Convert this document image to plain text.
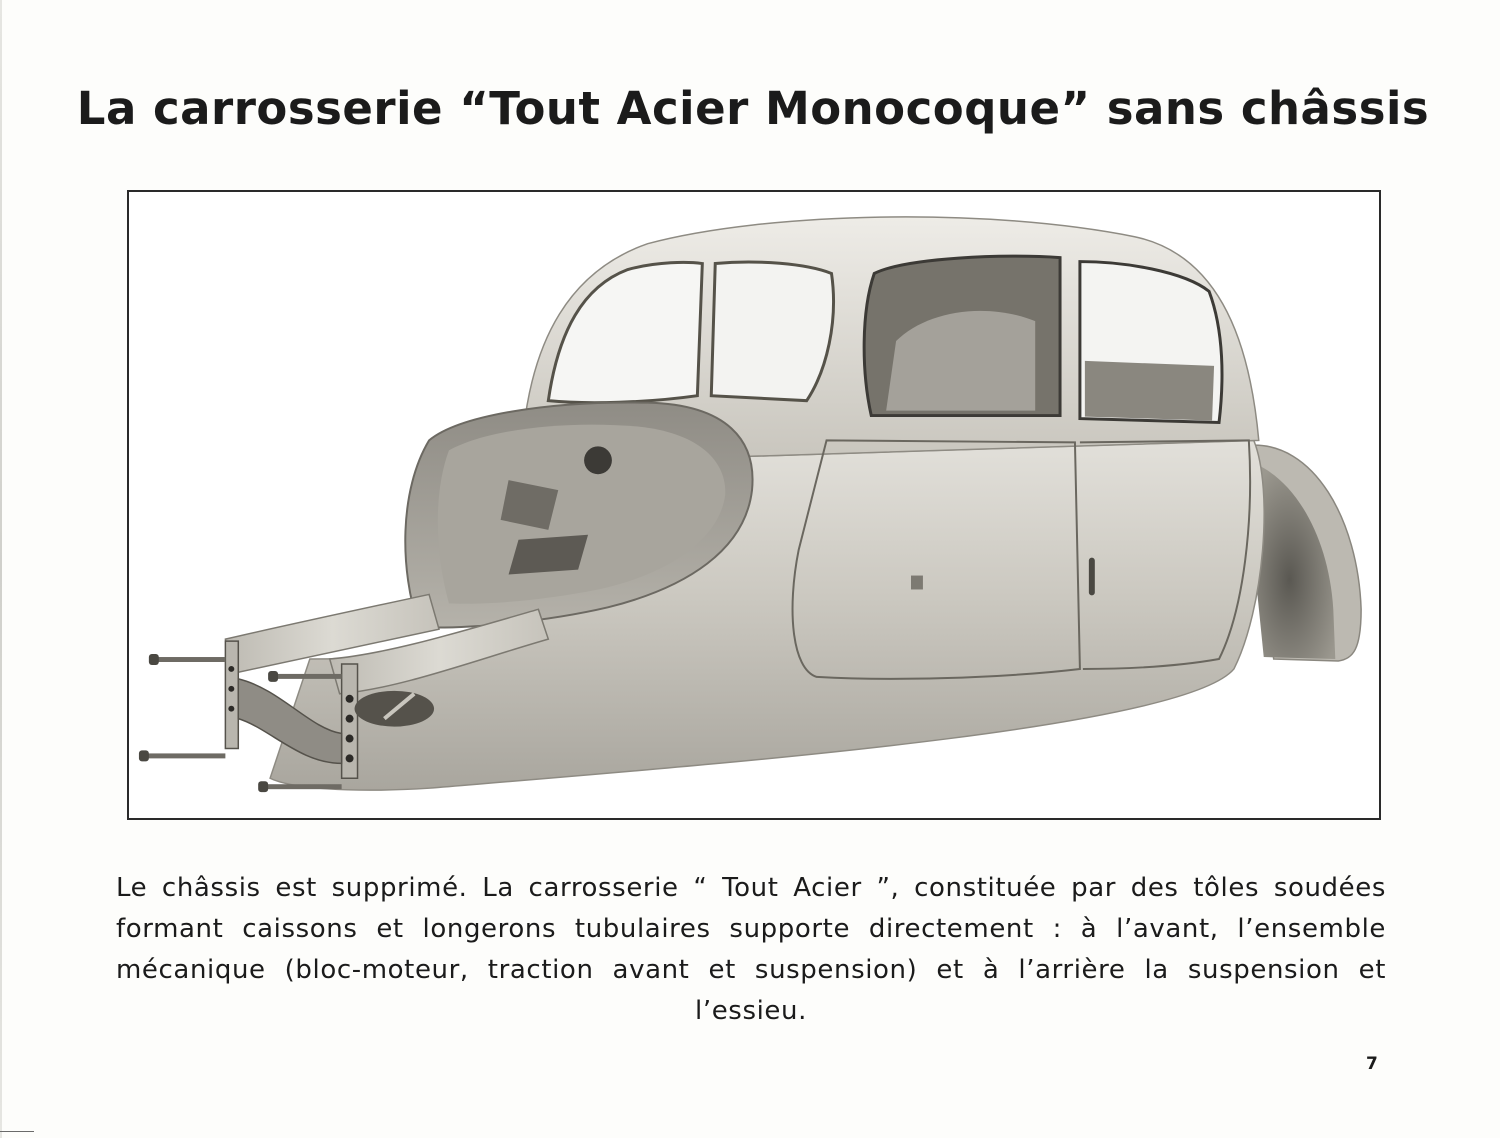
La carrosserie “Tout Acier Monocoque” sans châssis

Le châssis est supprimé. La carrosserie “ Tout Acier ”, constituée par des tôles soudées formant caissons et longerons tubulaires supporte directement : à l’avant, l’ensemble mécanique (bloc-moteur, traction avant et suspension) et à l’arrière la suspension et l’essieu.

7
